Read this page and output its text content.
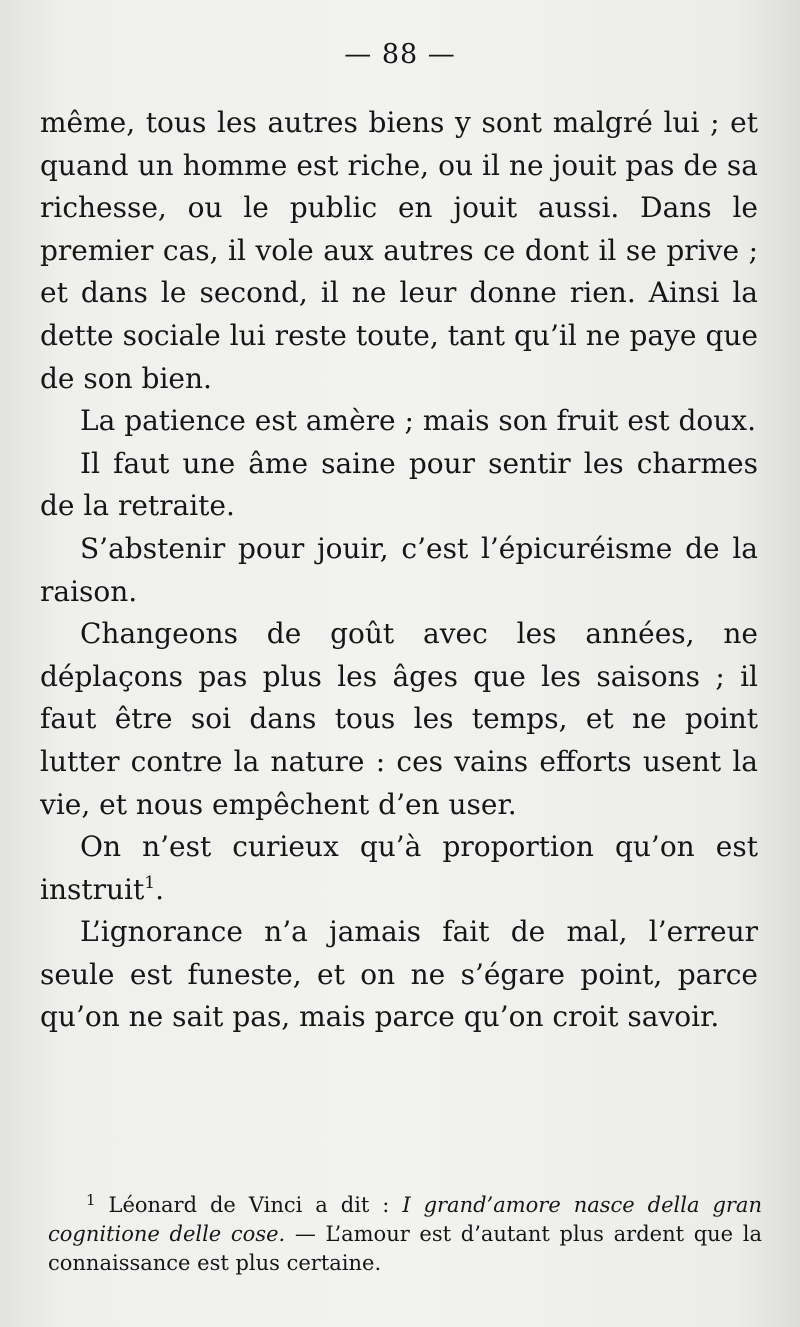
— 88 —

même, tous les autres biens y sont malgré lui ; et quand un homme est riche, ou il ne jouit pas de sa richesse, ou le public en jouit aussi. Dans le premier cas, il vole aux autres ce dont il se prive ; et dans le second, il ne leur donne rien. Ainsi la dette sociale lui reste toute, tant qu’il ne paye que de son bien.

La patience est amère ; mais son fruit est doux.

Il faut une âme saine pour sentir les charmes de la retraite.

S’abstenir pour jouir, c’est l’épicuréisme de la raison.

Changeons de goût avec les années, ne déplaçons pas plus les âges que les saisons ; il faut être soi dans tous les temps, et ne point lutter contre la nature : ces vains efforts usent la vie, et nous empêchent d’en user.

On n’est curieux qu’à proportion qu’on est instruit$^1$.

L’ignorance n’a jamais fait de mal, l’erreur seule est funeste, et on ne s’égare point, parce qu’on ne sait pas, mais parce qu’on croit savoir.

$^1$ Léonard de Vinci a dit : I grand’amore nasce della gran cognitione delle cose. — L’amour est d’autant plus ardent que la connaissance est plus certaine.
